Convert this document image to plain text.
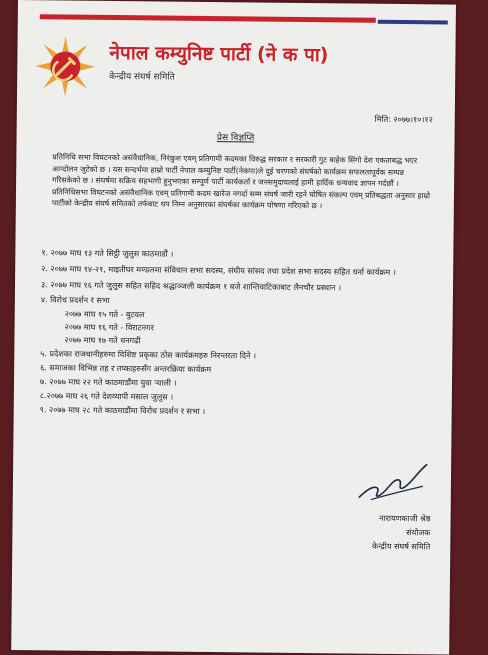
नेपाल कम्युनिष्ट पार्टी (ने क पा)
केन्द्रीय संघर्ष समिति
मिति: २०७७।१०।१२
प्रेस विज्ञप्ति

प्रतिनिधि सभा विघटनको असंवैधानिक, निरंकुश एवम् प्रतिगामी कदमका विरुद्ध सरकार र सरकारी गुट बाहेक सिंगो देश एकताबद्ध भएर आन्दोलन जुटेको छ । यस सन्दर्भमा हाम्रो पार्टी नेपाल कम्युनिष्ट पार्टी(नेकपा)ले दुई चरणको संघर्षको कार्यक्रम सफलतापूर्वक सम्पन्न गरिसकेको छ । संघर्षमा सक्रिय सहभागी हुनुभएका सम्पूर्ण पार्टी कार्यकर्ता र जनसमुदायलाई हामी हार्दिक धन्यवाद ज्ञापन गर्दछौं । प्रतिनिधिसभा विघटनको असंवैधानिक एवम् प्रतिगामी कदम खारेज नगर्दा सम्म संघर्ष जारी रहने घोषित संकल्प एवम् प्रतिबद्धता अनुसार हाम्रो पार्टीको केन्द्रीय संघर्ष समितको तर्फबाट थप निम्न अनुसारका संघर्षका कार्यक्रम घोषणा गरिएको छ ।

१. २०७७ माघ १३ गते सिट्ठी जुलुस काठमाडौं ।
२. २०७७ माघ १४-२१, माइतीघर मण्डलमा संविधान सभा सदस्य, संघीय सांसद तथा प्रदेश सभा सदस्य सहित धर्ना कार्यक्रम ।
३. २०७७ माघ १६ गते जुलुस सहित सहिद श्रद्धाञ्जली कार्यक्रम १ बजे शान्तिवाटिकाबाट लैनचौर प्रस्थान ।
४. विरोध प्रदर्शन र सभा
२०७७ माघ १५ गते - बुटवल
२०७७ माघ १६ गते - विराटनगर
२०७७ माघ १७ गते धनगढी
५. प्रदेशका राजधानीहरुमा विशिष्ट प्रकृका ठोस कार्यक्रमहरु निरन्तरता दिने ।
६. समाजका विभिन्न तह र तप्काहरुसँग अन्तरक्रिया कार्यक्रम
७. २०७७ माघ २२ गते काठमाडौंमा युवा ऱ्याली ।
८.२०७७ माघ २६ गते देशव्यापी मसाल जुलुस ।
९. २०७७ माघ २८ गते काठमाडौंमा विरोध प्रदर्शन र सभा ।
नारायणकाजी श्रेष्ठ
संयोजक
केन्द्रीय संघर्ष समिति
